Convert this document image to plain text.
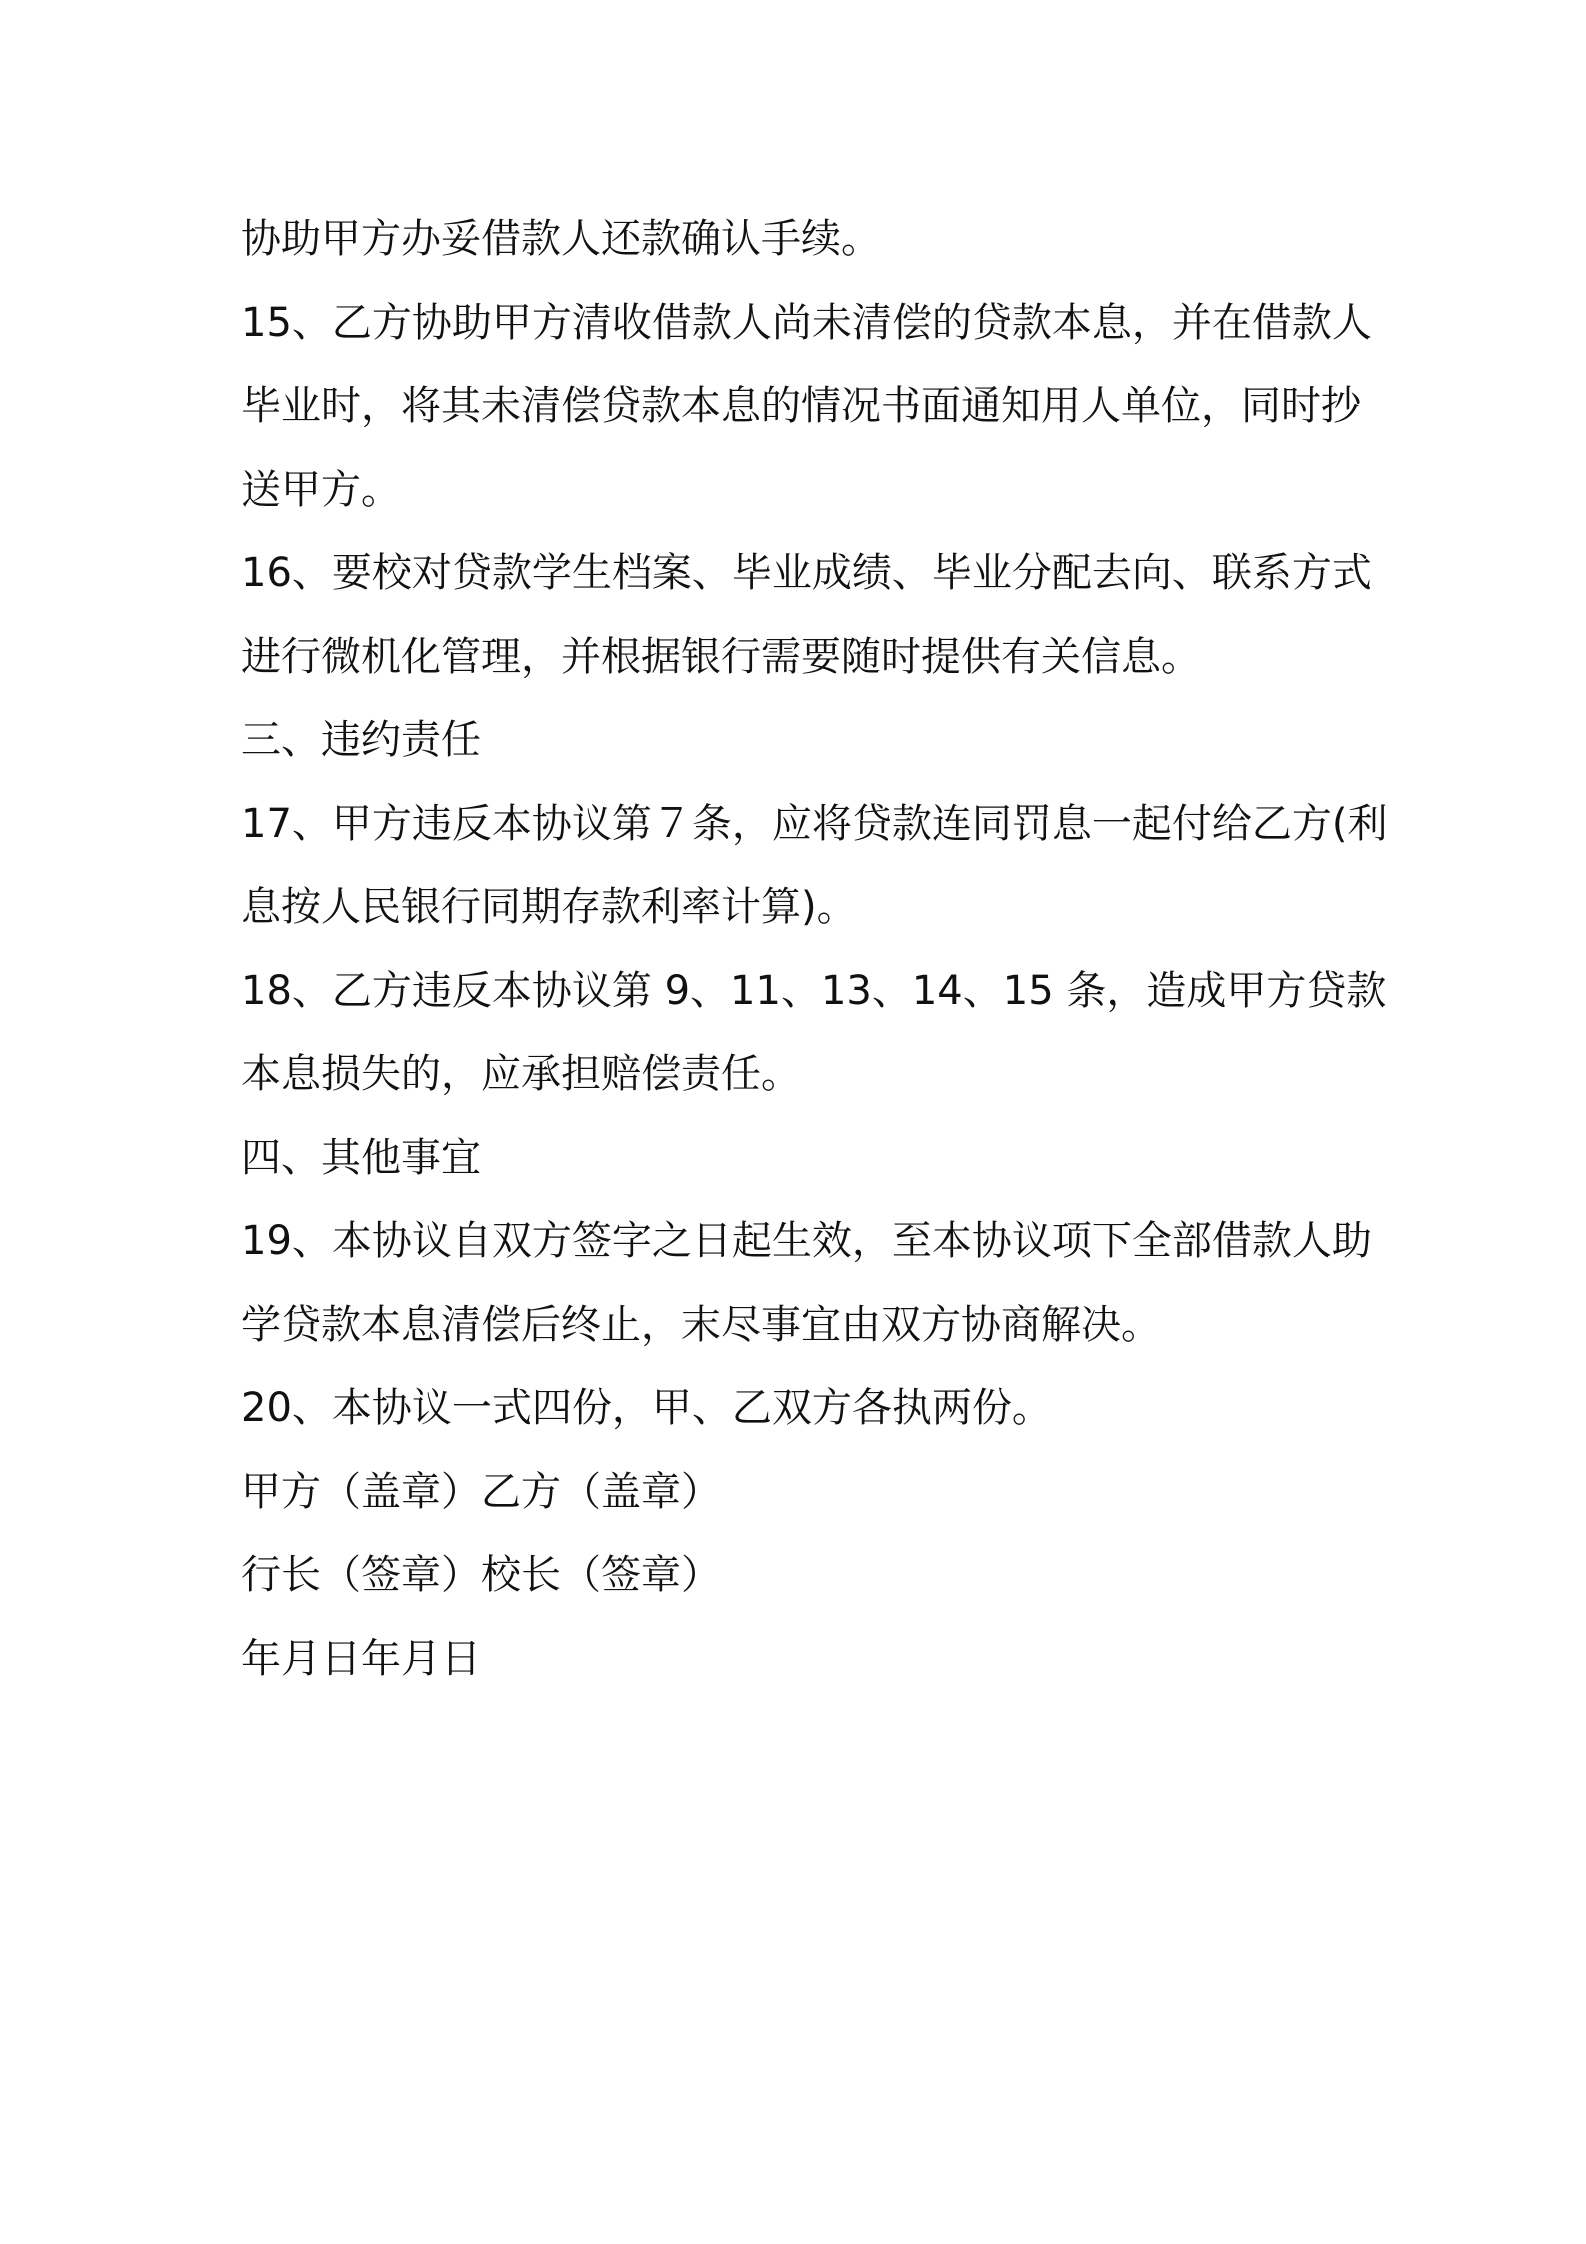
协助甲方办妥借款人还款确认手续。

15、乙方协助甲方清收借款人尚未清偿的贷款本息，并在借款人

毕业时，将其未清偿贷款本息的情况书面通知用人单位，同时抄

送甲方。

16、要校对贷款学生档案、毕业成绩、毕业分配去向、联系方式

进行微机化管理，并根据银行需要随时提供有关信息。

三、违约责任

17、甲方违反本协议第７条，应将贷款连同罚息一起付给乙方(利

息按人民银行同期存款利率计算)。

18、乙方违反本协议第 9、11、13、14、15 条，造成甲方贷款

本息损失的，应承担赔偿责任。

四、其他事宜

19、本协议自双方签字之日起生效，至本协议项下全部借款人助

学贷款本息清偿后终止，末尽事宜由双方协商解决。

20、本协议一式四份，甲、乙双方各执两份。

甲方（盖章）乙方（盖章）

行长（签章）校长（签章）

年月日年月日
